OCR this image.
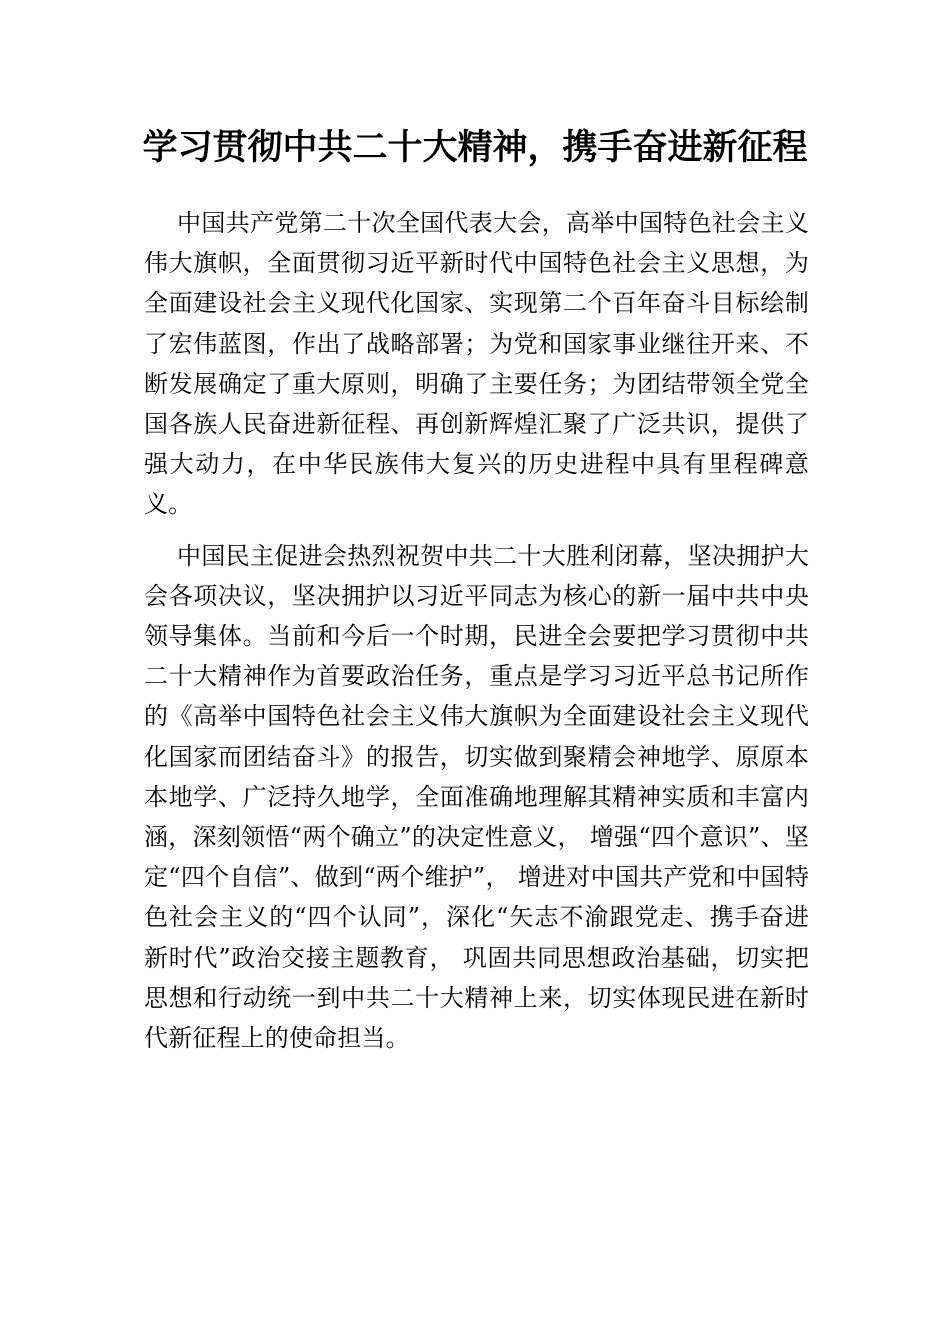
学习贯彻中共二十大精神，携手奋进新征程

中国共产党第二十次全国代表大会，高举中国特色社会主义伟大旗帜，全面贯彻习近平新时代中国特色社会主义思想，为全面建设社会主义现代化国家、实现第二个百年奋斗目标绘制了宏伟蓝图，作出了战略部署；为党和国家事业继往开来、不断发展确定了重大原则，明确了主要任务；为团结带领全党全国各族人民奋进新征程、再创新辉煌汇聚了广泛共识，提供了强大动力，在中华民族伟大复兴的历史进程中具有里程碑意义。

中国民主促进会热烈祝贺中共二十大胜利闭幕，坚决拥护大会各项决议，坚决拥护以习近平同志为核心的新一届中共中央领导集体。当前和今后一个时期，民进全会要把学习贯彻中共二十大精神作为首要政治任务，重点是学习习近平总书记所作的《高举中国特色社会主义伟大旗帜为全面建设社会主义现代化国家而团结奋斗》的报告，切实做到聚精会神地学、原原本本地学、广泛持久地学，全面准确地理解其精神实质和丰富内涵，深刻领悟“两个确立”的决定性意义， 增强“四个意识”、坚定“四个自信”、做到“两个维护”， 增进对中国共产党和中国特色社会主义的“四个认同”，深化“矢志不渝跟党走、携手奋进新时代”政治交接主题教育， 巩固共同思想政治基础，切实把思想和行动统一到中共二十大精神上来，切实体现民进在新时代新征程上的使命担当。
